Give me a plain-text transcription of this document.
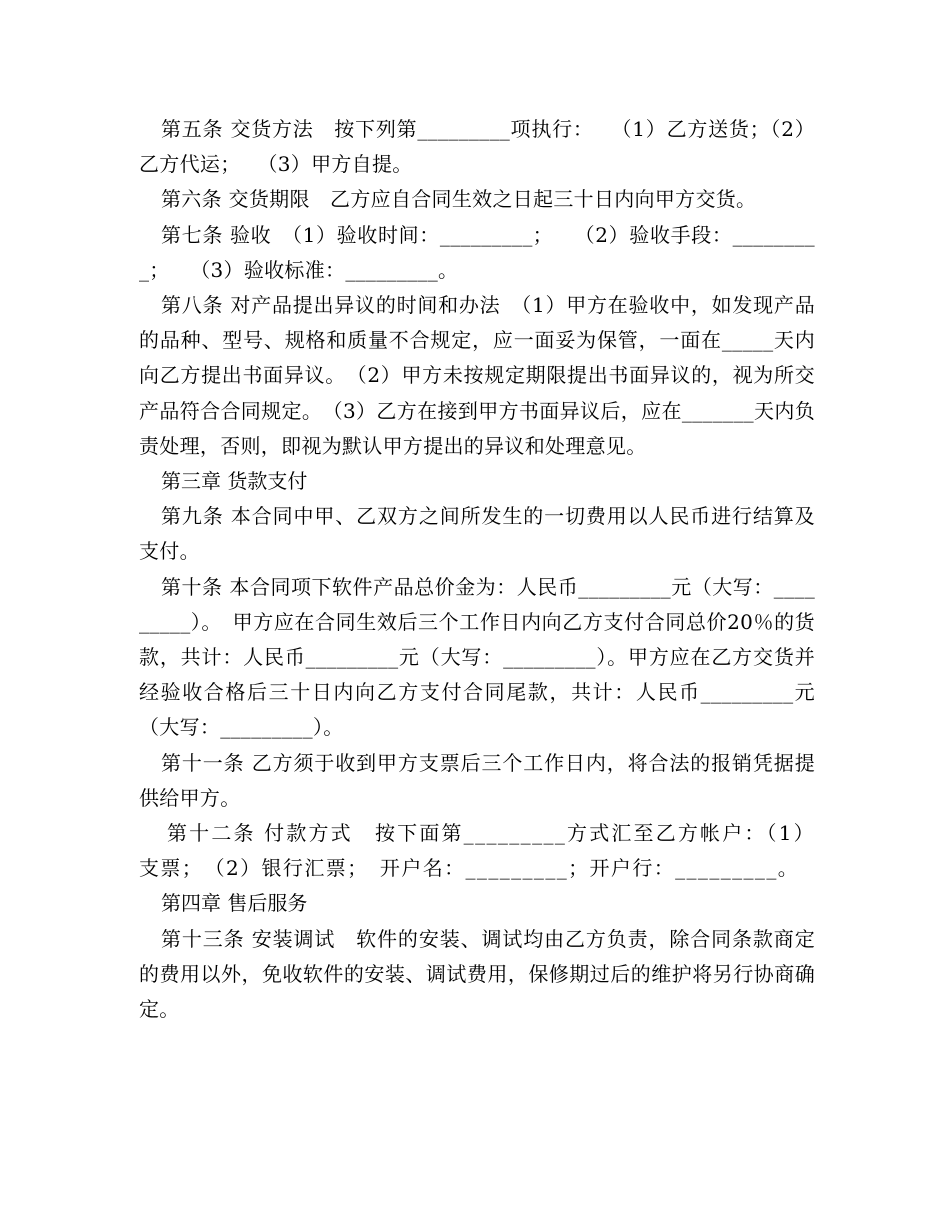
第五条 交货方法　按下列第_________项执行：　 （1）乙方送货；（2）乙方代运；　 （3）甲方自提。

第六条 交货期限　乙方应自合同生效之日起三十日内向甲方交货。

第七条 验收　（1）验收时间：_________；　　（2）验收手段：_________；　　（3）验收标准：_________。

第八条 对产品提出异议的时间和办法　（1）甲方在验收中，如发现产品的品种、型号、规格和质量不合规定，应一面妥为保管，一面在_____天内向乙方提出书面异议。　（2）甲方未按规定期限提出书面异议的，视为所交产品符合合同规定。　（3）乙方在接到甲方书面异议后，应在_______天内负责处理，否则，即视为默认甲方提出的异议和处理意见。

第三章 货款支付

第九条 本合同中甲、乙双方之间所发生的一切费用以人民币进行结算及支付。

第十条 本合同项下软件产品总价金为：人民币_________元（大写：_________）。　甲方应在合同生效后三个工作日内向乙方支付合同总价20％的货款，共计：人民币_________元（大写：_________）。甲方应在乙方交货并经验收合格后三十日内向乙方支付合同尾款，共计：人民币_________元（大写：_________）。

第十一条 乙方须于收到甲方支票后三个工作日内，将合法的报销凭据提供给甲方。

第十二条 付款方式　按下面第_________方式汇至乙方帐户：（1）支票；　（2）银行汇票；　开户名：_________；开户行：_________。

第四章 售后服务

第十三条 安装调试　软件的安装、调试均由乙方负责，除合同条款商定的费用以外，免收软件的安装、调试费用，保修期过后的维护将另行协商确定。
